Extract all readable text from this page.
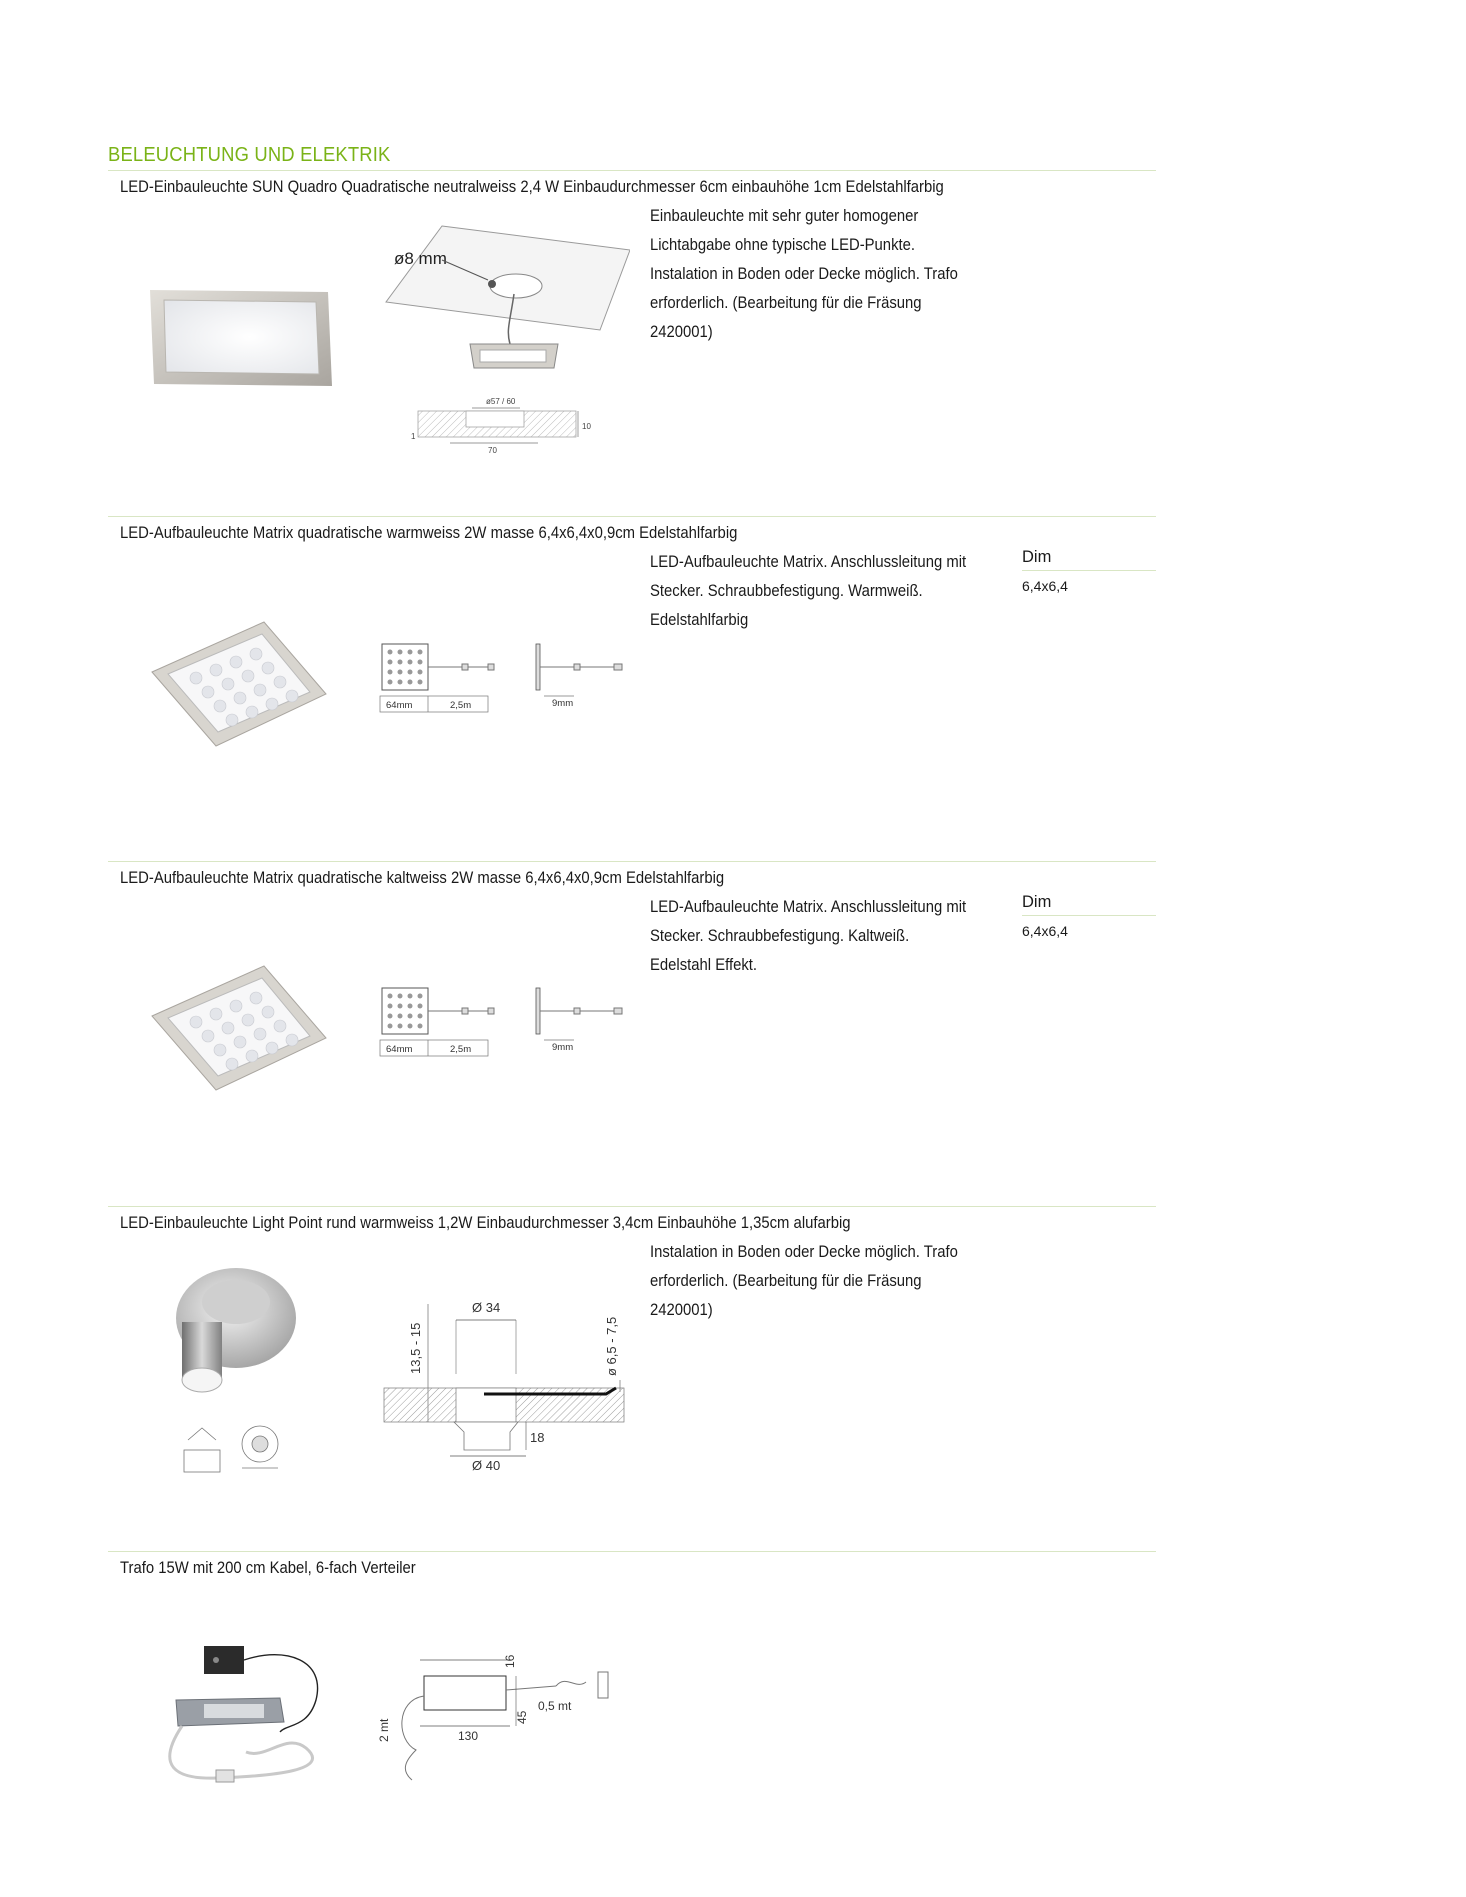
BELEUCHTUNG UND ELEKTRIK
LED-Einbauleuchte SUN Quadro Quadratische neutralweiss 2,4 W Einbaudurchmesser 6cm einbauhöhe 1cm Edelstahlfarbig
Einbauleuchte mit sehr guter homogener
Lichtabgabe ohne typische LED-Punkte.
Instalation in Boden oder Decke möglich. Trafo
erforderlich. (Bearbeitung für die Fräsung
2420001)
ø8 mm
ø57 / 60
10
1
70
LED-Aufbauleuchte Matrix quadratische warmweiss 2W masse 6,4x6,4x0,9cm Edelstahlfarbig
LED-Aufbauleuchte Matrix. Anschlussleitung mit
Stecker. Schraubbefestigung. Warmweiß.
Edelstahlfarbig
Dim
6,4x6,4
64mm	2,5m	9mm
LED-Aufbauleuchte Matrix quadratische kaltweiss 2W masse 6,4x6,4x0,9cm Edelstahlfarbig
LED-Aufbauleuchte Matrix. Anschlussleitung mit
Stecker. Schraubbefestigung. Kaltweiß.
Edelstahl Effekt.
Dim
6,4x6,4
64mm	2,5m	9mm
LED-Einbauleuchte Light Point rund warmweiss 1,2W Einbaudurchmesser 3,4cm Einbauhöhe 1,35cm alufarbig
Instalation in Boden oder Decke möglich. Trafo
erforderlich. (Bearbeitung für die Fräsung
2420001)
Ø 34
13,5 - 15	ø 6,5 - 7,5
18
Ø 40
Trafo 15W mit 200 cm Kabel, 6-fach Verteiler
16
0,5 mt
130
45
2 mt
